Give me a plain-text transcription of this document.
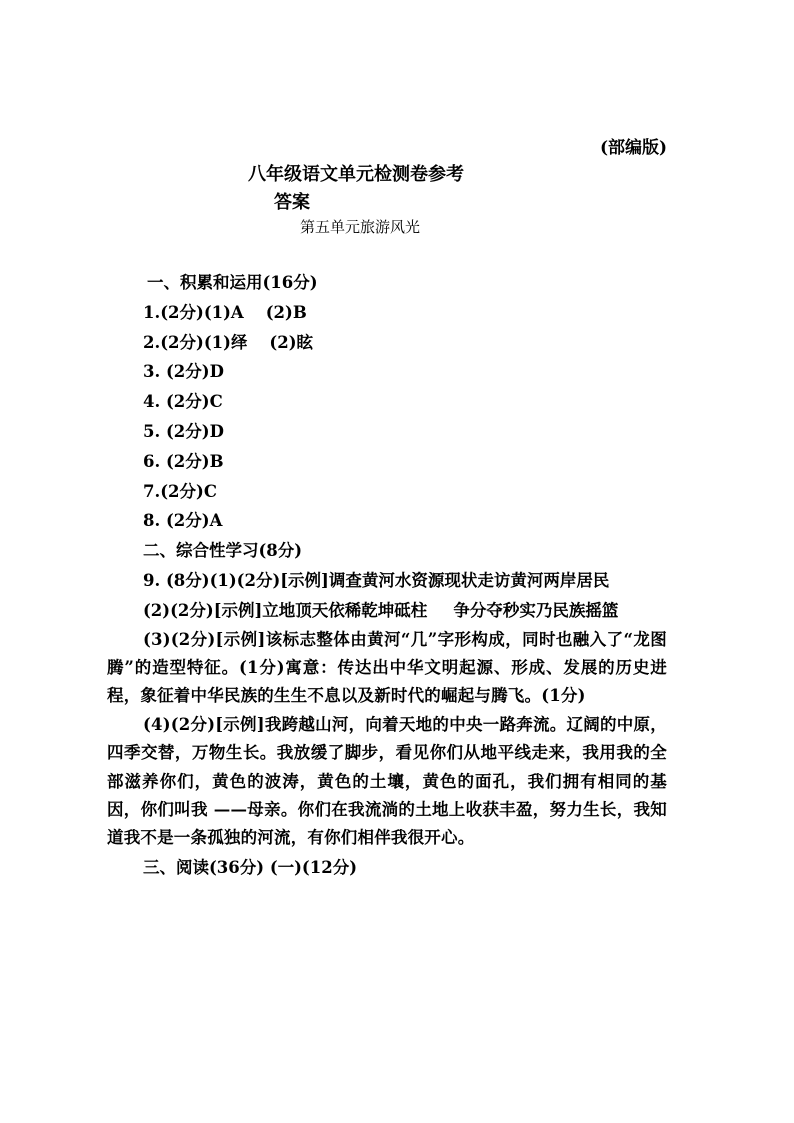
(部编版)
八年级语文单元检测卷参考
答案
第五单元旅游风光
一、积累和运用(16分)
1.(2分)(1)A (2)B
2.(2分)(1)绎 (2)眩
3. (2分)D
4. (2分)C
5. (2分)D
6. (2分)B
7.(2分)C
8. (2分)A
二、综合性学习(8分)
9. (8分)(1)(2分)[示例]调查黄河水资源现状走访黄河两岸居民
(2)(2分)[示例]立地顶天依稀乾坤砥柱 争分夺秒实乃民族摇篮
(3)(2分)[示例]该标志整体由黄河“几”字形构成，同时也融入了“龙图腾”的造型特征。(1分)寓意：传达出中华文明起源、形成、发展的历史进程，象征着中华民族的生生不息以及新时代的崛起与腾飞。(1分)
(4)(2分)[示例]我跨越山河，向着天地的中央一路奔流。辽阔的中原，四季交替，万物生长。我放缓了脚步，看见你们从地平线走来，我用我的全部滋养你们，黄色的波涛，黄色的土壤，黄色的面孔，我们拥有相同的基因，你们叫我 ——母亲。你们在我流淌的土地上收获丰盈，努力生长，我知道我不是一条孤独的河流，有你们相伴我很开心。
三、阅读(36分) (一)(12分)
